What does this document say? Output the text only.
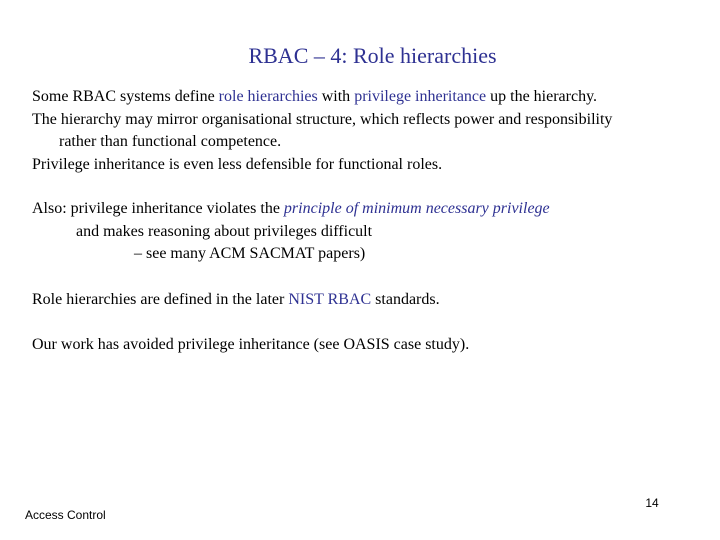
RBAC – 4: Role hierarchies

Some RBAC systems define role hierarchies with privilege inheritance up the hierarchy.

The hierarchy may mirror organisational structure, which reflects power and responsibility

rather than functional competence.

Privilege inheritance is even less defensible for functional roles.

Also: privilege inheritance violates the principle of minimum necessary privilege

and makes reasoning about privileges difficult

– see many ACM SACMAT papers)

Role hierarchies are defined in the later NIST RBAC standards.

Our work has avoided privilege inheritance (see OASIS case study).

Access Control
14
